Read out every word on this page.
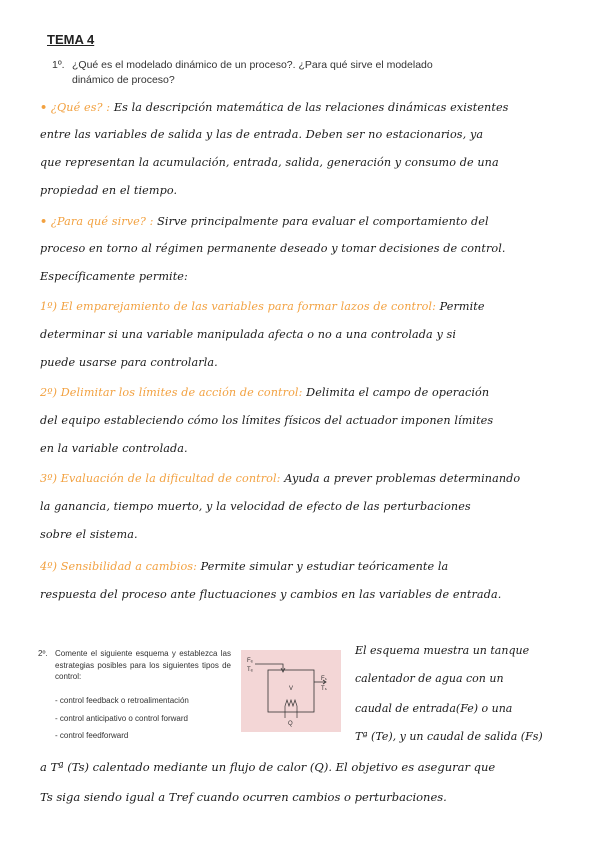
TEMA 4
1º. ¿Qué es el modelado dinámico de un proceso?. ¿Para qué sirve el modelado dinámico de proceso?
• ¿Qué es? : Es la descripción matemática de las relaciones dinámicas existentes
entre las variables de salida y las de entrada. Deben ser no estacionarios, ya
que representan la acumulación, entrada, salida, generación y consumo de una
propiedad en el tiempo.
• ¿Para qué sirve? : Sirve principalmente para evaluar el comportamiento del
proceso en torno al régimen permanente deseado y tomar decisiones de control.
Específicamente permite:
1º) El emparejamiento de las variables para formar lazos de control: Permite
determinar si una variable manipulada afecta o no a una controlada y si
puede usarse para controlarla.
2º) Delimitar los límites de acción de control: Delimita el campo de operación
del equipo estableciendo cómo los límites físicos del actuador imponen límites
en la variable controlada.
3º) Evaluación de la dificultad de control: Ayuda a prever problemas determinando
la ganancia, tiempo muerto, y la velocidad de efecto de las perturbaciones
sobre el sistema.
4º) Sensibilidad a cambios: Permite simular y estudiar teóricamente la
respuesta del proceso ante fluctuaciones y cambios en las variables de entrada.
2º. Comente el siguiente esquema y establezca las estrategias posibles para los siguientes tipos de control:
- control feedback o retroalimentación
- control anticipativo o control forward
- control feedforward
Fₑ
Tₑ
V
Fₛ
Tₛ
Q
El esquema muestra un tanque
calentador de agua con un
caudal de entrada(Fe) o una
Tª (Te), y un caudal de salida (Fs)
a Tª (Ts) calentado mediante un flujo de calor (Q). El objetivo es asegurar que
Ts siga siendo igual a Tref cuando ocurren cambios o perturbaciones.
